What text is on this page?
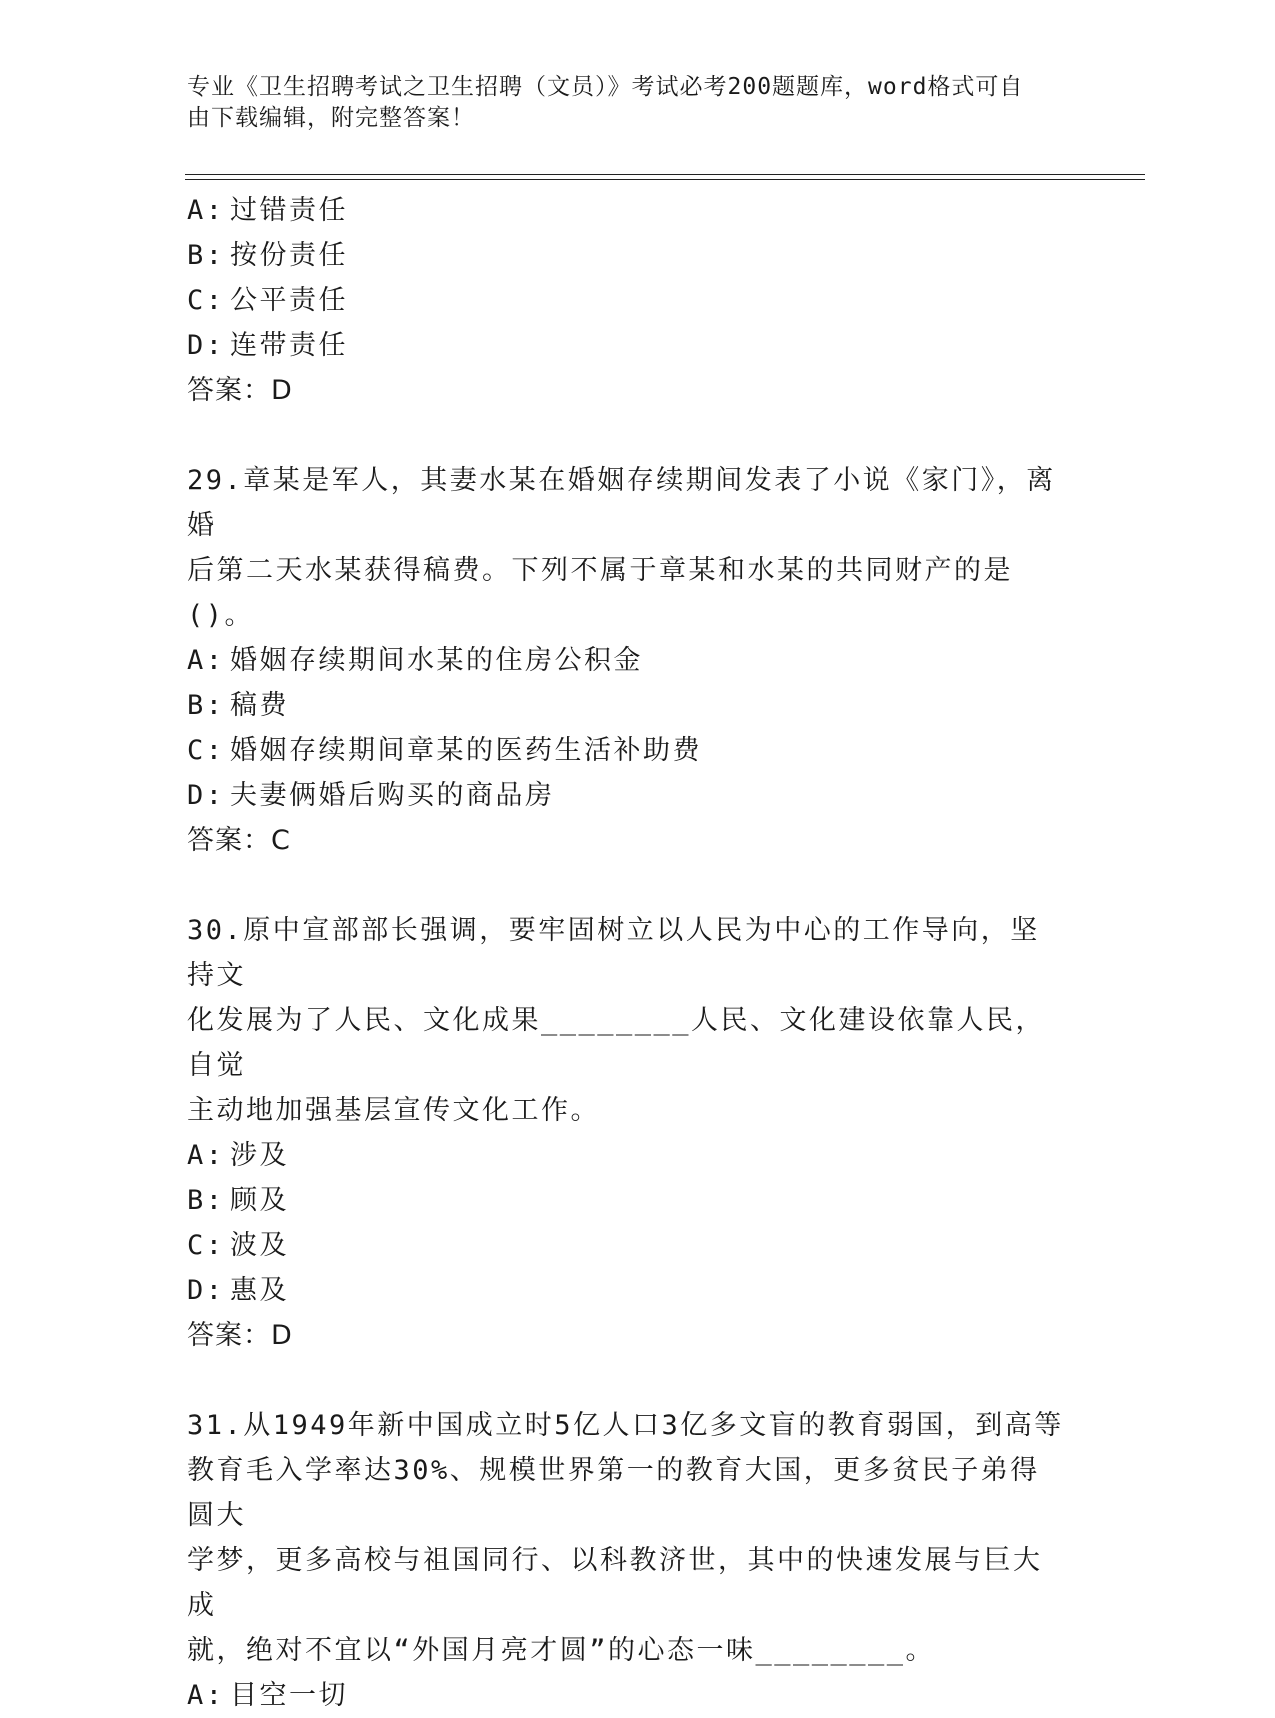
专业《卫生招聘考试之卫生招聘（文员）》考试必考200题题库，word格式可自
由下载编辑，附完整答案！
A: 过错责任
B: 按份责任
C: 公平责任
D: 连带责任
答案：D
29.章某是军人，其妻水某在婚姻存续期间发表了小说《家门》，离婚
后第二天水某获得稿费。下列不属于章某和水某的共同财产的是()。
A: 婚姻存续期间水某的住房公积金
B: 稿费
C: 婚姻存续期间章某的医药生活补助费
D: 夫妻俩婚后购买的商品房
答案：C
30.原中宣部部长强调，要牢固树立以人民为中心的工作导向，坚持文
化发展为了人民、文化成果________人民、文化建设依靠人民，自觉
主动地加强基层宣传文化工作。
A: 涉及
B: 顾及
C: 波及
D: 惠及
答案：D
31.从1949年新中国成立时5亿人口3亿多文盲的教育弱国，到高等
教育毛入学率达30%、规模世界第一的教育大国，更多贫民子弟得圆大
学梦，更多高校与祖国同行、以科教济世，其中的快速发展与巨大成
就，绝对不宜以“外国月亮才圆”的心态一味________。
A: 目空一切
